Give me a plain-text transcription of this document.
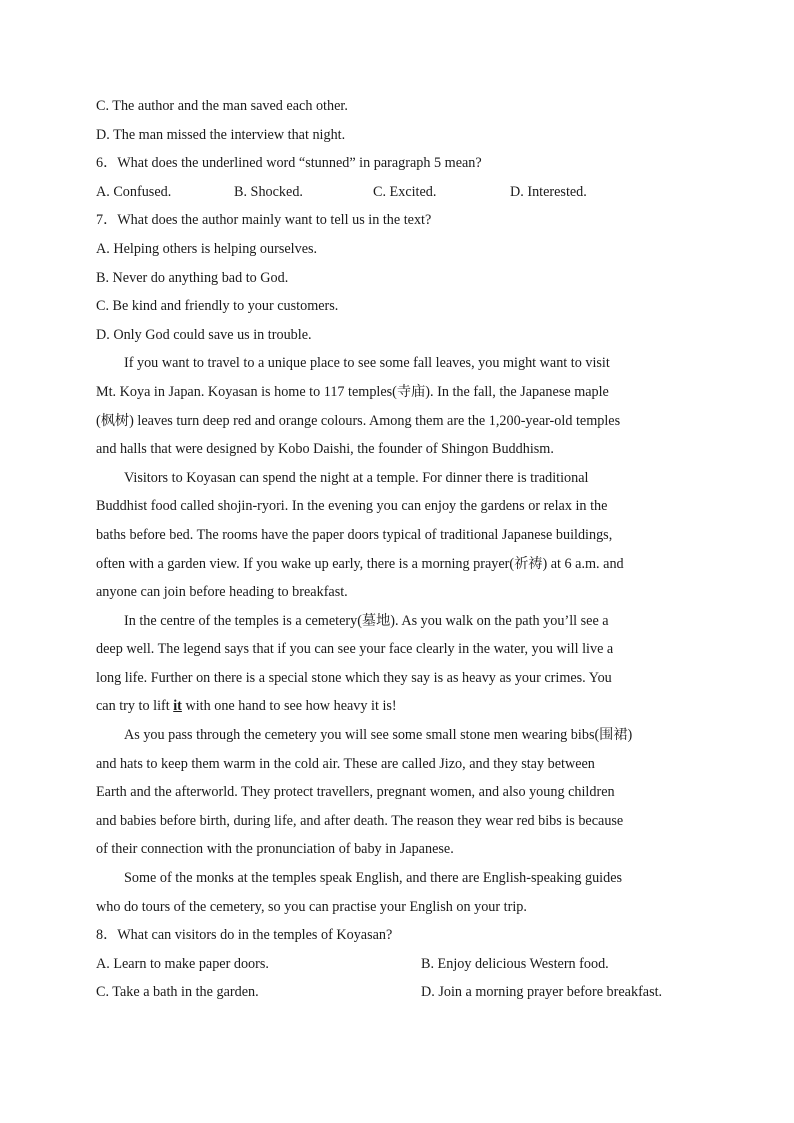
C. The author and the man saved each other.
D. The man missed the interview that night.
6．What does the underlined word “stunned” in paragraph 5 mean?
A. Confused.	B. Shocked.	C. Excited.	D. Interested.
7．What does the author mainly want to tell us in the text?
A. Helping others is helping ourselves.
B. Never do anything bad to God.
C. Be kind and friendly to your customers.
D. Only God could save us in trouble.
If you want to travel to a unique place to see some fall leaves, you might want to visit
Mt. Koya in Japan. Koyasan is home to 117 temples(寺庙). In the fall, the Japanese maple
(枫树) leaves turn deep red and orange colours. Among them are the 1,200-year-old temples
and halls that were designed by Kobo Daishi, the founder of Shingon Buddhism.
Visitors to Koyasan can spend the night at a temple. For dinner there is traditional
Buddhist food called shojin-ryori. In the evening you can enjoy the gardens or relax in the
baths before bed. The rooms have the paper doors typical of traditional Japanese buildings,
often with a garden view. If you wake up early, there is a morning prayer(祈祷) at 6 a.m. and
anyone can join before heading to breakfast.
In the centre of the temples is a cemetery(墓地). As you walk on the path you’ll see a
deep well. The legend says that if you can see your face clearly in the water, you will live a
long life. Further on there is a special stone which they say is as heavy as your crimes. You
can try to lift it with one hand to see how heavy it is!
As you pass through the cemetery you will see some small stone men wearing bibs(围裙)
and hats to keep them warm in the cold air. These are called Jizo, and they stay between
Earth and the afterworld. They protect travellers, pregnant women, and also young children
and babies before birth, during life, and after death. The reason they wear red bibs is because
of their connection with the pronunciation of baby in Japanese.
Some of the monks at the temples speak English, and there are English-speaking guides
who do tours of the cemetery, so you can practise your English on your trip.
8．What can visitors do in the temples of Koyasan?
A. Learn to make paper doors.	B. Enjoy delicious Western food.
C. Take a bath in the garden.	D. Join a morning prayer before breakfast.
